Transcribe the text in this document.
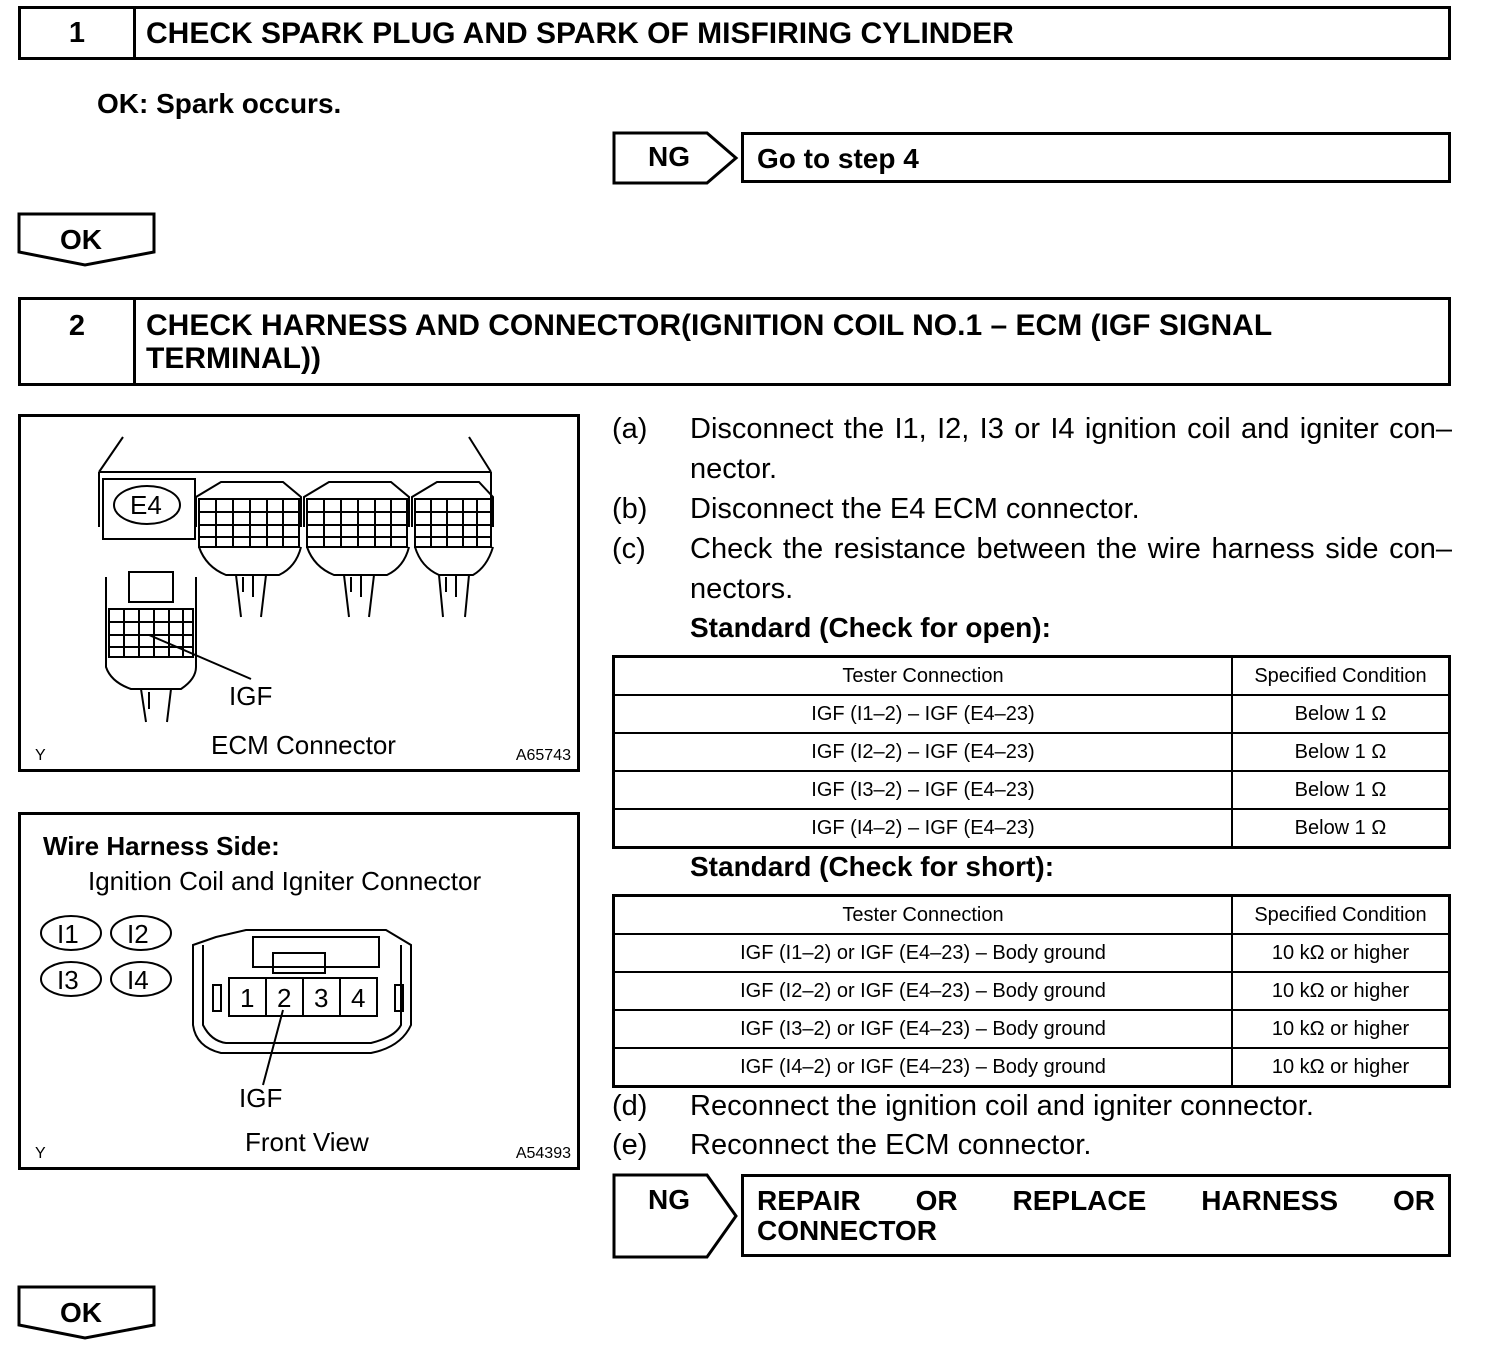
1	CHECK SPARK PLUG AND SPARK OF MISFIRING CYLINDER
OK: Spark occurs.
NG Go to step 4
OK
2	CHECK HARNESS AND CONNECTOR(IGNITION COIL NO.1 – ECM (IGF SIGNAL TERMINAL))
E4
IGF
ECM Connector
Y	A65743
Wire Harness Side:
Ignition Coil and Igniter Connector
I1 I2
I3 I4
1 2 3 4
IGF
Front View
Y	A54393
(a) Disconnect the I1, I2, I3 or I4 ignition coil and igniter con– nector.
(b) Disconnect the E4 ECM connector.
(c) Check the resistance between the wire harness side con– nectors.
Standard (Check for open):
Tester Connection	Specified Condition
IGF (I1–2) – IGF (E4–23)	Below 1 Ω
IGF (I2–2) – IGF (E4–23)	Below 1 Ω
IGF (I3–2) – IGF (E4–23)	Below 1 Ω
IGF (I4–2) – IGF (E4–23)	Below 1 Ω
Standard (Check for short):
Tester Connection	Specified Condition
IGF (I1–2) or IGF (E4–23) – Body ground	10 kΩ or higher
IGF (I2–2) or IGF (E4–23) – Body ground	10 kΩ or higher
IGF (I3–2) or IGF (E4–23) – Body ground	10 kΩ or higher
IGF (I4–2) or IGF (E4–23) – Body ground	10 kΩ or higher
(d) Reconnect the ignition coil and igniter connector.
(e) Reconnect the ECM connector.
NG REPAIR OR REPLACE HARNESS OR
CONNECTOR
OK
